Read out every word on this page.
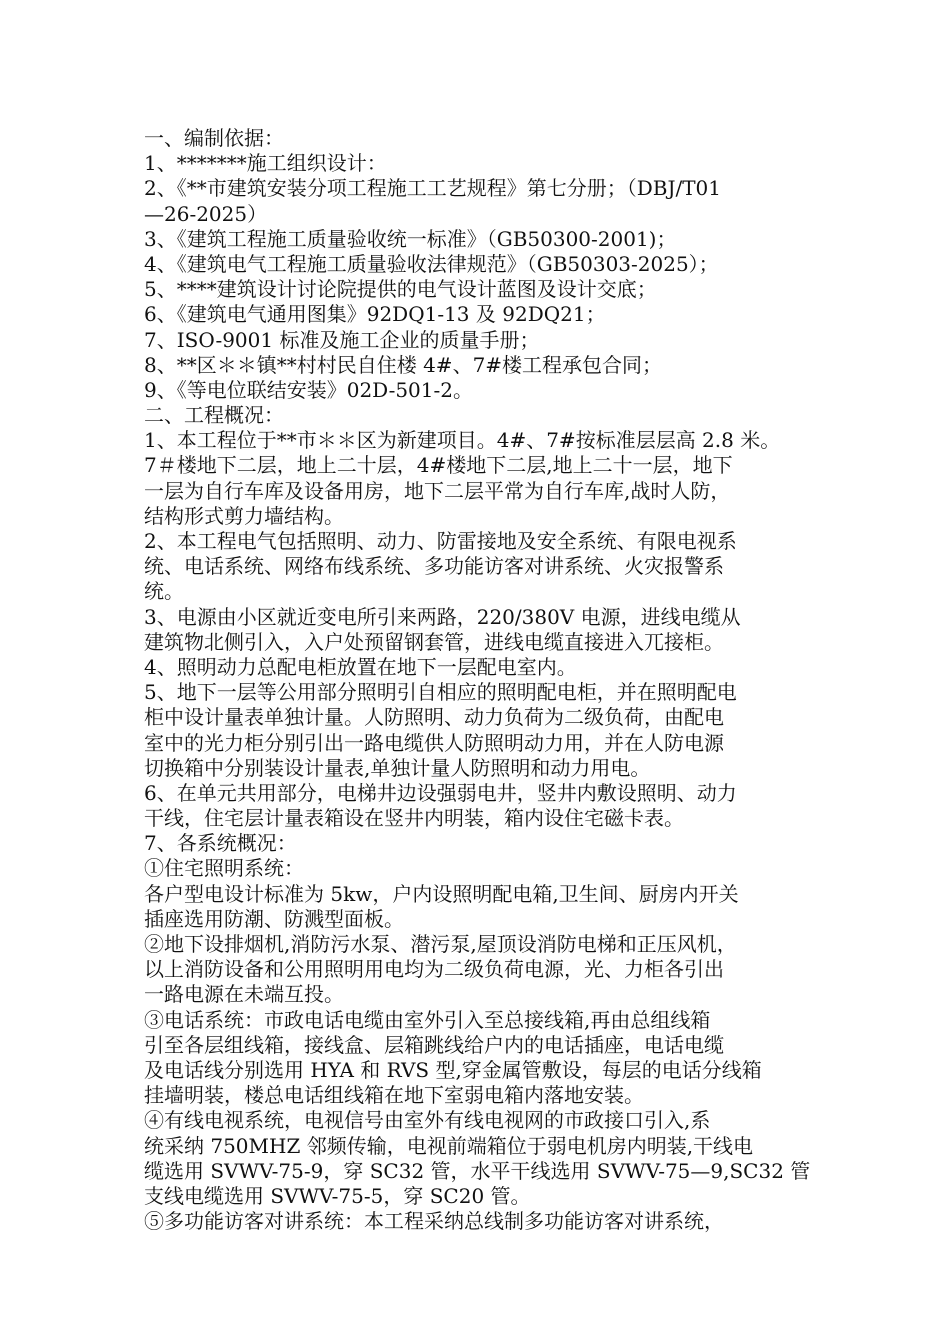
一、编制依据：
1、*******施工组织设计：
2、《**市建筑安装分项工程施工工艺规程》第七分册；（DBJ/T01
—26-2025）
3、《建筑工程施工质量验收统一标准》（GB50300-2001)；
4、《建筑电气工程施工质量验收法律规范》（GB50303-2025）；
5、****建筑设计讨论院提供的电气设计蓝图及设计交底；
6、《建筑电气通用图集》92DQ1-13 及 92DQ21；
7、ISO-9001 标准及施工企业的质量手册；
8、**区＊＊镇**村村民自住楼 4#、7#楼工程承包合同；
9、《等电位联结安装》02D-501-2。
二、工程概况：
1、本工程位于**市＊＊区为新建项目。4#、7#按标准层层高 2.8 米。
7＃楼地下二层，地上二十层，4#楼地下二层,地上二十一层，地下
一层为自行车库及设备用房，地下二层平常为自行车库,战时人防，
结构形式剪力墙结构。
2、本工程电气包括照明、动力、防雷接地及安全系统、有限电视系
统、电话系统、网络布线系统、多功能访客对讲系统、火灾报警系
统。
3、电源由小区就近变电所引来两路，220/380V 电源，进线电缆从
建筑物北侧引入，入户处预留钢套管，进线电缆直接进入兀接柜。
4、照明动力总配电柜放置在地下一层配电室内。
5、地下一层等公用部分照明引自相应的照明配电柜，并在照明配电
柜中设计量表单独计量。人防照明、动力负荷为二级负荷，由配电
室中的光力柜分别引出一路电缆供人防照明动力用，并在人防电源
切换箱中分别装设计量表,单独计量人防照明和动力用电。
6、在单元共用部分，电梯井边设强弱电井，竖井内敷设照明、动力
干线，住宅层计量表箱设在竖井内明装，箱内设住宅磁卡表。
7、各系统概况：
①住宅照明系统：
各户型电设计标准为 5kw，户内设照明配电箱,卫生间、厨房内开关
插座选用防潮、防溅型面板。
②地下设排烟机,消防污水泵、潜污泵,屋顶设消防电梯和正压风机，
以上消防设备和公用照明用电均为二级负荷电源，光、力柜各引出
一路电源在未端互投。
③电话系统：市政电话电缆由室外引入至总接线箱,再由总组线箱
引至各层组线箱，接线盒、层箱跳线给户内的电话插座，电话电缆
及电话线分别选用 HYA 和 RVS 型,穿金属管敷设，每层的电话分线箱
挂墙明装，楼总电话组线箱在地下室弱电箱内落地安装。
④有线电视系统，电视信号由室外有线电视网的市政接口引入,系
统采纳 750MHZ 邻频传输，电视前端箱位于弱电机房内明装,干线电
缆选用 SVWV-75-9，穿 SC32 管，水平干线选用 SVWV-75—9,SC32 管
支线电缆选用 SVWV-75-5，穿 SC20 管。
⑤多功能访客对讲系统：本工程采纳总线制多功能访客对讲系统，
